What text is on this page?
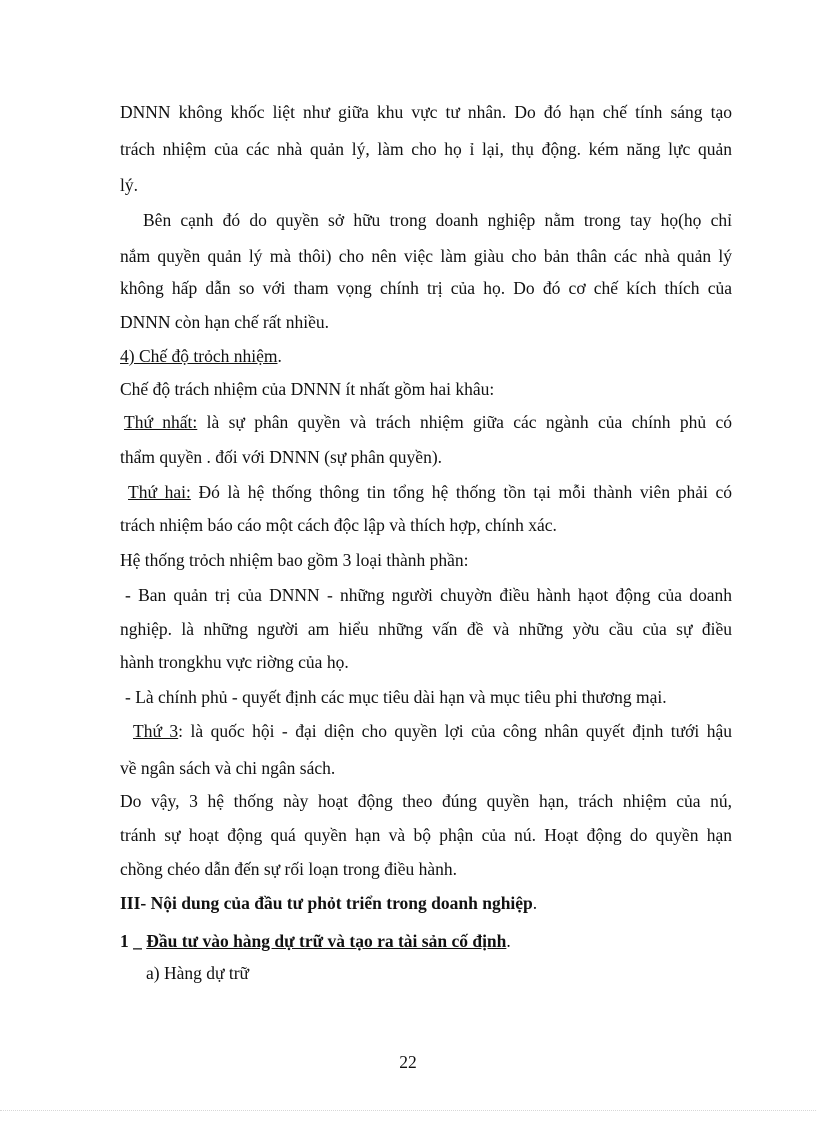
DNNN không khốc liệt như giữa khu vực tư nhân. Do đó hạn chế tính sáng tạo
trách nhiệm của các nhà quản lý, làm cho họ ỉ lại, thụ động. kém năng lực quản
lý.
Bên cạnh đó do quyền sở hữu trong doanh nghiệp nằm trong tay họ(họ chỉ
nắm quyền quản lý mà thôi) cho nên việc làm giàu cho bản thân các nhà quản lý
không hấp dẫn so với tham vọng chính trị của họ. Do đó cơ chế kích thích của
DNNN còn hạn chế rất nhiều.
4) Chế độ trỏch nhiệm.
Chế độ trách nhiệm của DNNN ít nhất gồm hai khâu:
Thứ nhất: là sự phân quyền và trách nhiệm giữa các ngành của chính phủ có
thẩm quyền . đối với DNNN (sự phân quyền).
Thứ hai: Đó là hệ thống thông tin tổng hệ thống tồn tại mỗi thành viên phải có
trách nhiệm báo cáo một cách độc lập và thích hợp, chính xác.
Hệ thống trỏch nhiệm bao gồm 3 loại thành phần:
- Ban quản trị của DNNN - những người chuyờn điều hành hạot động của doanh
nghiệp. là những người am hiểu những vấn đề và những yờu cầu của sự điều
hành trongkhu vực riờng của họ.
- Là chính phủ - quyết định các mục tiêu dài hạn và mục tiêu phi thương mại.
Thứ 3: là quốc hội - đại diện cho quyền lợi của công nhân quyết định tưới hậu
về ngân sách và chi ngân sách.
Do vậy, 3 hệ thống này hoạt động theo đúng quyền hạn, trách nhiệm của nú,
tránh sự hoạt động quá quyền hạn và bộ phận của nú. Hoạt động do quyền hạn
chồng chéo dẫn đến sự rối loạn trong điều hành.
III- Nội dung của đầu tư phỏt triển trong doanh nghiệp.
1 _ Đầu tư vào hàng dự trữ và tạo ra tài sản cố định.
a) Hàng dự trữ
22
